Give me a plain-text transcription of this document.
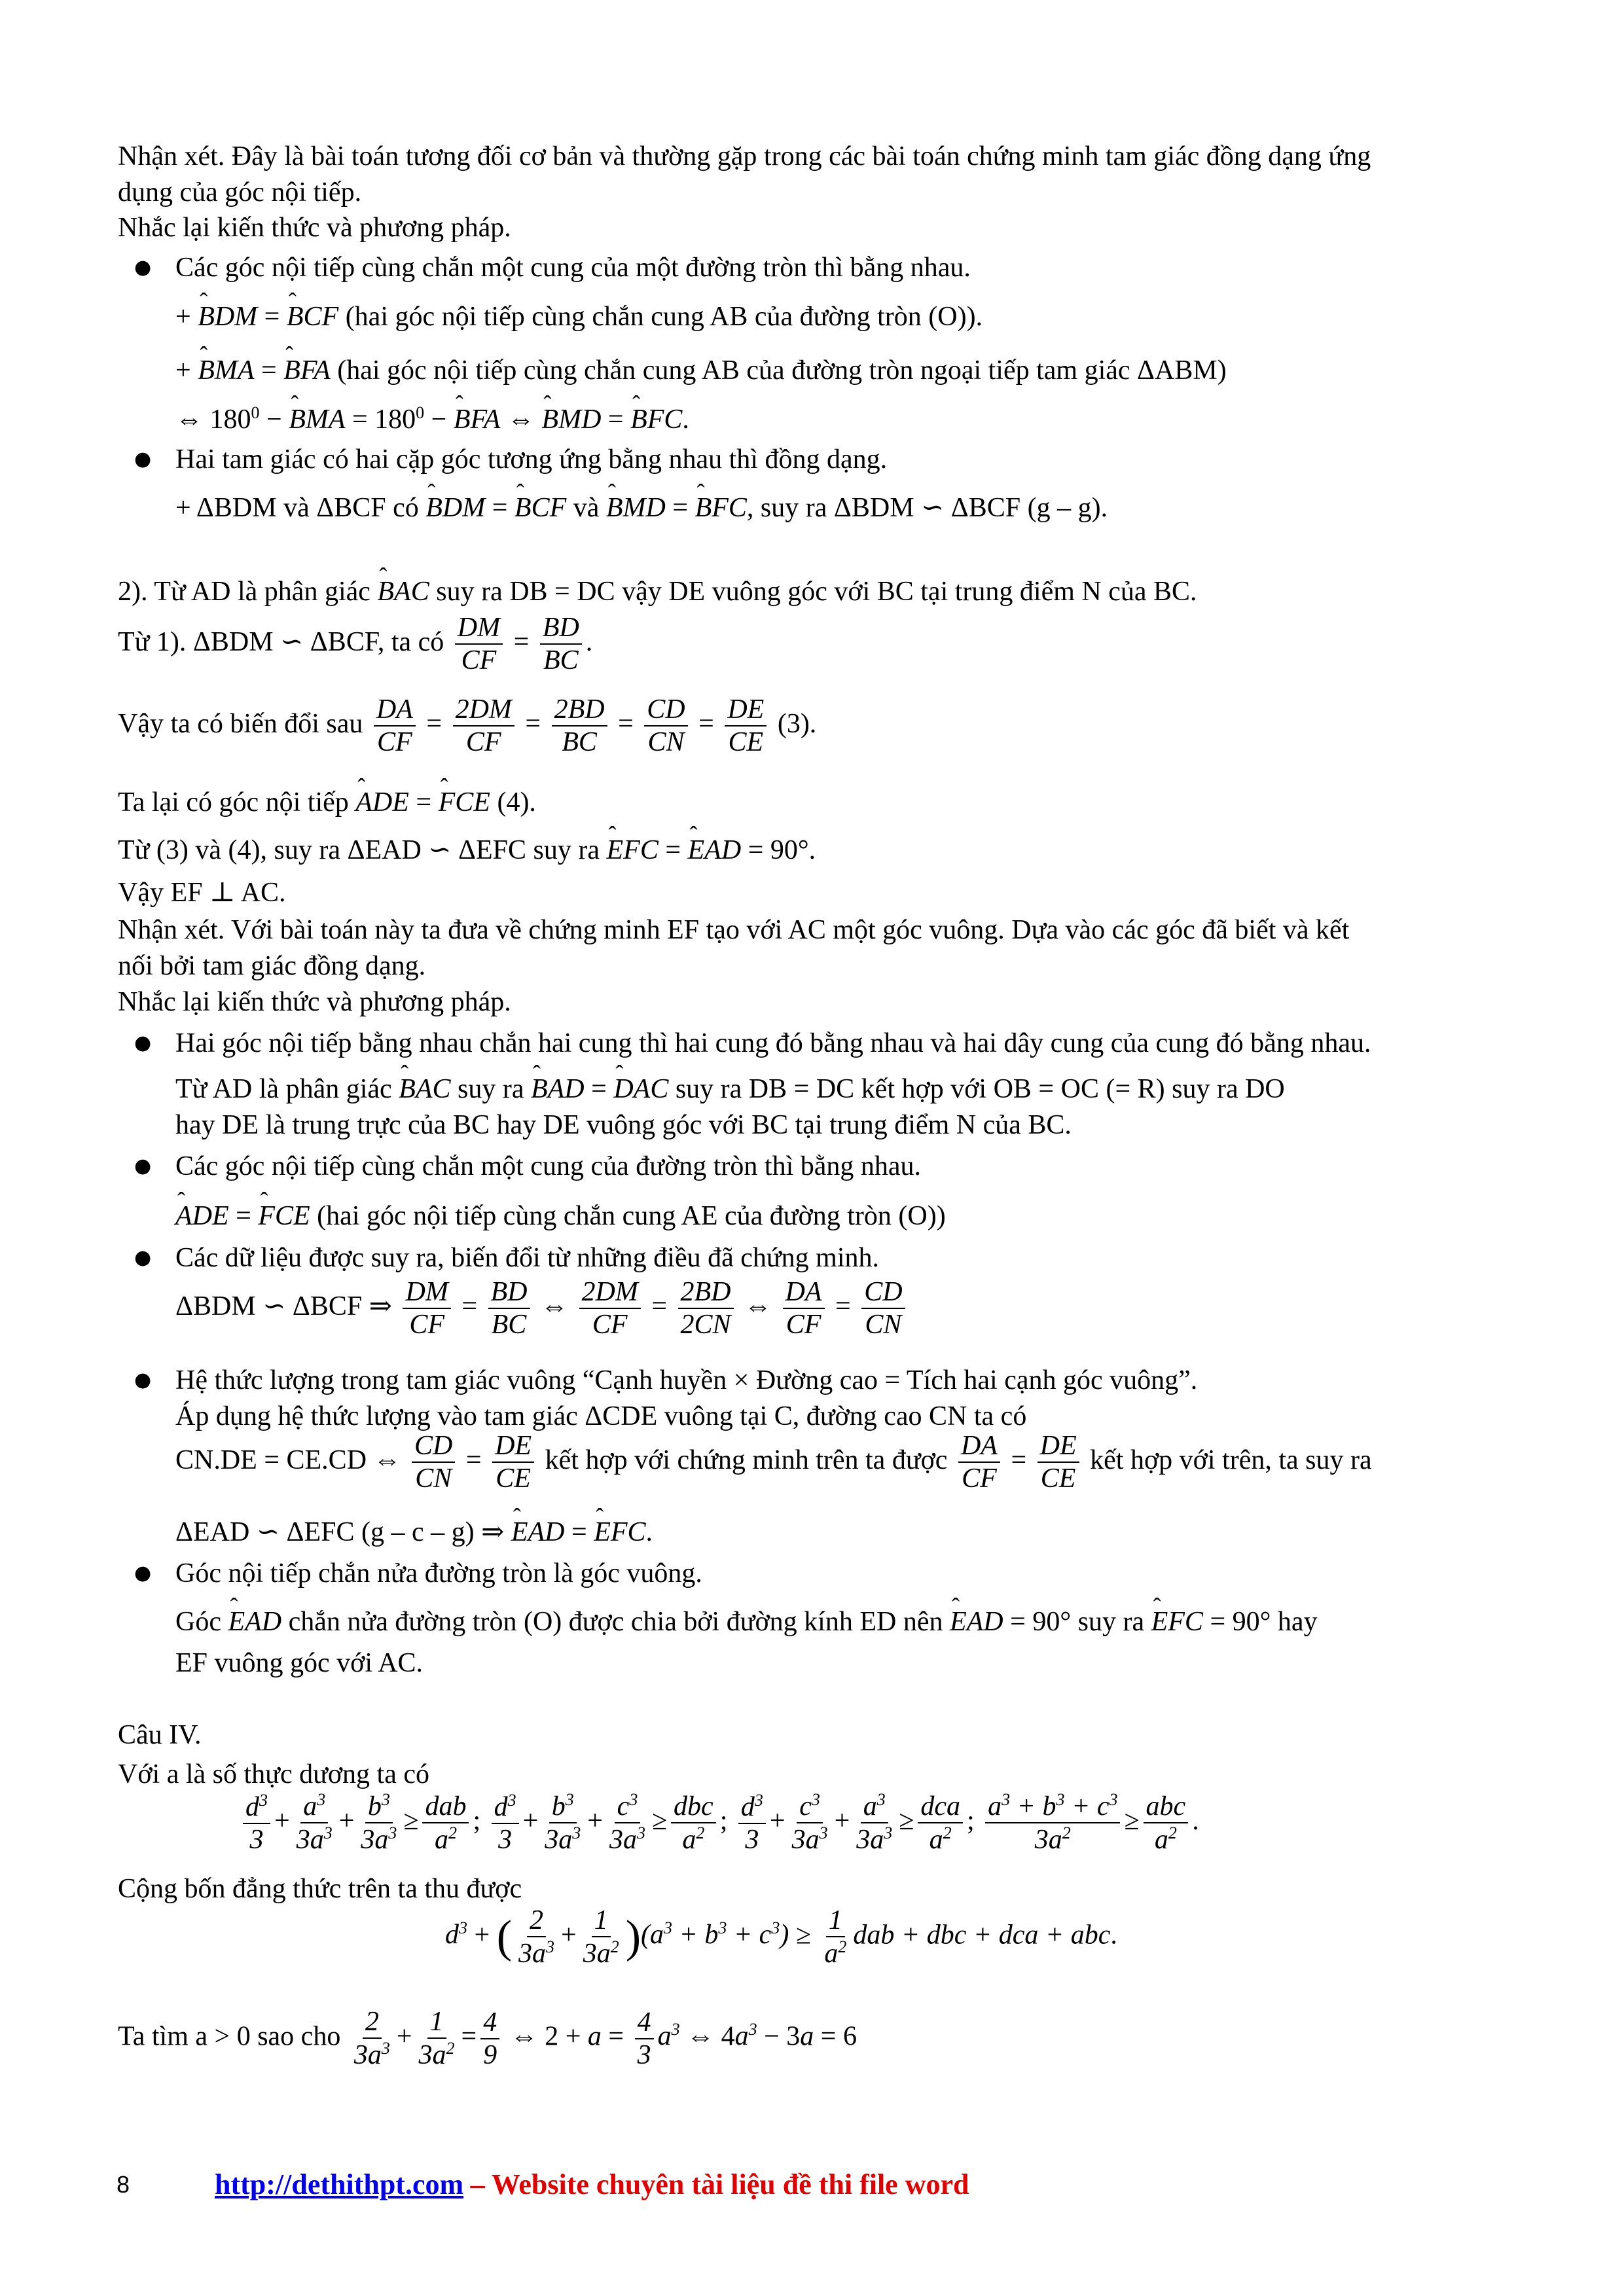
Nhận xét. Đây là bài toán tương đối cơ bản và thường gặp trong các bài toán chứng minh tam giác đồng dạng ứng
dụng của góc nội tiếp.
Nhắc lại kiến thức và phương pháp.
● Các góc nội tiếp cùng chắn một cung của một đường tròn thì bằng nhau.
+ ˆ BDM = ˆ BCF (hai góc nội tiếp cùng chắn cung AB của đường tròn (O)).
+ ˆ BMA = ˆ BFA (hai góc nội tiếp cùng chắn cung AB của đường tròn ngoại tiếp tam giác ΔABM)
⇔ $180^0$ − ˆ BMA = $180^0$ − ˆ BFA ⇔ ˆ BMD = ˆ BFC.
● Hai tam giác có hai cặp góc tương ứng bằng nhau thì đồng dạng.
+ ΔBDM và ΔBCF có ˆ BDM = ˆ BCF và ˆ BMD = ˆ BFC, suy ra ΔBDM ∽ ΔBCF (g – g).
2). Từ AD là phân giác ˆ BAC suy ra DB = DC vậy DE vuông góc với BC tại trung điểm N của BC.
Từ 1). ΔBDM ∽ ΔBCF, ta có $\frac{DM}{CF} = \frac{BD}{BC}$ .
Vậy ta có biến đổi sau $\frac{DA}{CF} = \frac{2DM}{CF} = \frac{2BD}{BC} = \frac{CD}{CN} = \frac{DE}{CE} (3)$.
Ta lại có góc nội tiếp ˆ ADE = ˆ FCE (4).
Từ (3) và (4), suy ra ΔEAD ∽ ΔEFC suy ra ˆ EFC = ˆ EAD = 90°.
Vậy EF ⊥ AC.
Nhận xét. Với bài toán này ta đưa về chứng minh EF tạo với AC một góc vuông. Dựa vào các góc đã biết và kết
nối bởi tam giác đồng dạng.
Nhắc lại kiến thức và phương pháp.
● Hai góc nội tiếp bằng nhau chắn hai cung thì hai cung đó bằng nhau và hai dây cung của cung đó bằng nhau.
Từ AD là phân giác ˆ BAC suy ra ˆ BAD = ˆ DAC suy ra DB = DC kết hợp với OB = OC (= R) suy ra DO
hay DE là trung trực của BC hay DE vuông góc với BC tại trung điểm N của BC.
● Các góc nội tiếp cùng chắn một cung của đường tròn thì bằng nhau.
ˆ ADE = ˆ FCE (hai góc nội tiếp cùng chắn cung AE của đường tròn (O))
● Các dữ liệu được suy ra, biến đổi từ những điều đã chứng minh.
ΔBDM ∽ ΔBCF ⇒ $\frac{DM}{CF} = \frac{BD}{BC}$ ⇔ $\frac{2DM}{CF} = \frac{2BD}{2CN}$ ⇔ $\frac{DA}{CF} = \frac{CD}{CN}$
● Hệ thức lượng trong tam giác vuông “Cạnh huyền × Đường cao = Tích hai cạnh góc vuông”.
Áp dụng hệ thức lượng vào tam giác ΔCDE vuông tại C, đường cao CN ta có
CN.DE = CE.CD ⇔ $\frac{CD}{CN} = \frac{DE}{CE}$ kết hợp với chứng minh trên ta được $\frac{DA}{CF} = \frac{DE}{CE}$ kết hợp với trên, ta suy ra
ΔEAD ∽ ΔEFC (g – c – g) ⇒ ˆ EAD = ˆ EFC.
● Góc nội tiếp chắn nửa đường tròn là góc vuông.
Góc ˆ EAD chắn nửa đường tròn (O) được chia bởi đường kính ED nên ˆ EAD = 90° suy ra ˆ EFC = 90° hay
EF vuông góc với AC.
Câu IV.
Với a là số thực dương ta có
$\frac{d^3}{3} + \frac{a^3}{3a^3} + \frac{b^3}{3a^3} \ge \frac{\text{dab}}{a^2}$ ; $\frac{d^3}{3} + \frac{b^3}{3a^3} + \frac{c^3}{3a^3} \ge \frac{\text{dbc}}{a^2}$ ; $\frac{d^3}{3} + \frac{c^3}{3a^3} + \frac{a^3}{3a^3} \ge \frac{\text{dca}}{a^2}$ ; $\frac{a^3 + b^3 + c^3}{3a^2} \ge \frac{\text{abc}}{a^2}$ .
Cộng bốn đẳng thức trên ta thu được
$d^3$ + ( $\frac{2}{3a^3} + \frac{1}{3a^2} )(a^3 + b^3 + c^3) \ge \frac{1}{a^2}$ dab + dbc + dca + abc.
Ta tìm a > 0 sao cho $\frac{2}{3a^3} + \frac{1}{3a^2} = \frac{4}{9}$ ⇔ $2 + a = \frac{4}{3} a^3$ ⇔ $4a^3 - 3a = 6$
8	http://dethithpt.com – Website chuyên tài liệu đề thi file word
